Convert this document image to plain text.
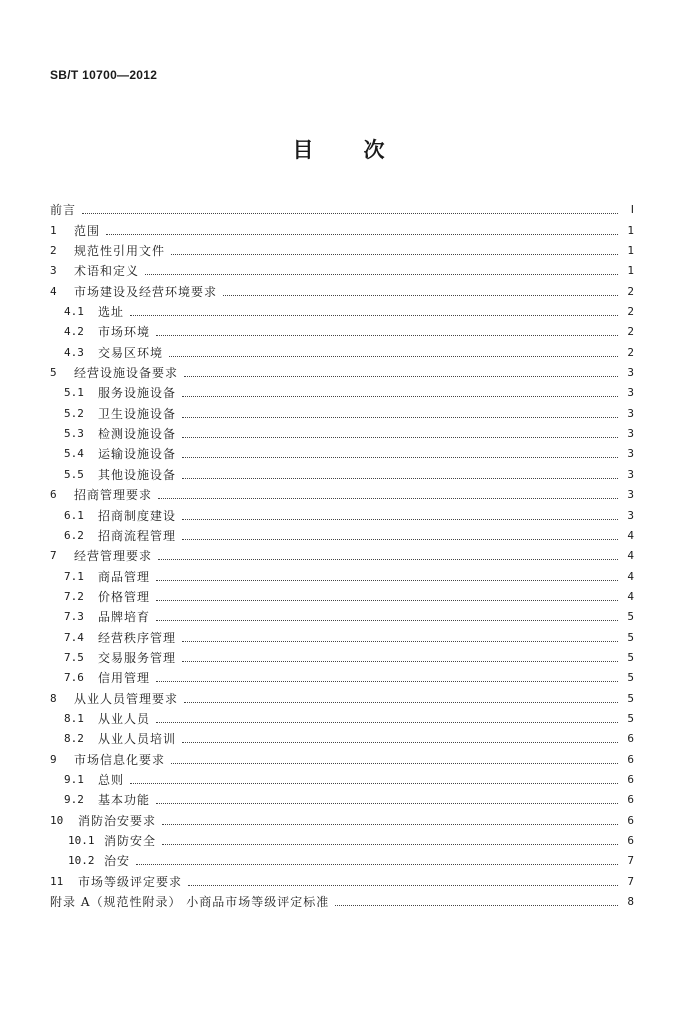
SB/T 10700—2012
目次
前言	Ⅰ
1	范围	1
2	规范性引用文件	1
3	术语和定义	1
4	市场建设及经营环境要求	2
4.1	选址	2
4.2	市场环境	2
4.3	交易区环境	2
5	经营设施设备要求	3
5.1	服务设施设备	3
5.2	卫生设施设备	3
5.3	检测设施设备	3
5.4	运输设施设备	3
5.5	其他设施设备	3
6	招商管理要求	3
6.1	招商制度建设	3
6.2	招商流程管理	4
7	经营管理要求	4
7.1	商品管理	4
7.2	价格管理	4
7.3	品牌培育	5
7.4	经营秩序管理	5
7.5	交易服务管理	5
7.6	信用管理	5
8	从业人员管理要求	5
8.1	从业人员	5
8.2	从业人员培训	6
9	市场信息化要求	6
9.1	总则	6
9.2	基本功能	6
10	消防治安要求	6
10.1 消防安全	6
10.2 治安	7
11	市场等级评定要求	7
附录 A（规范性附录） 小商品市场等级评定标准	8
